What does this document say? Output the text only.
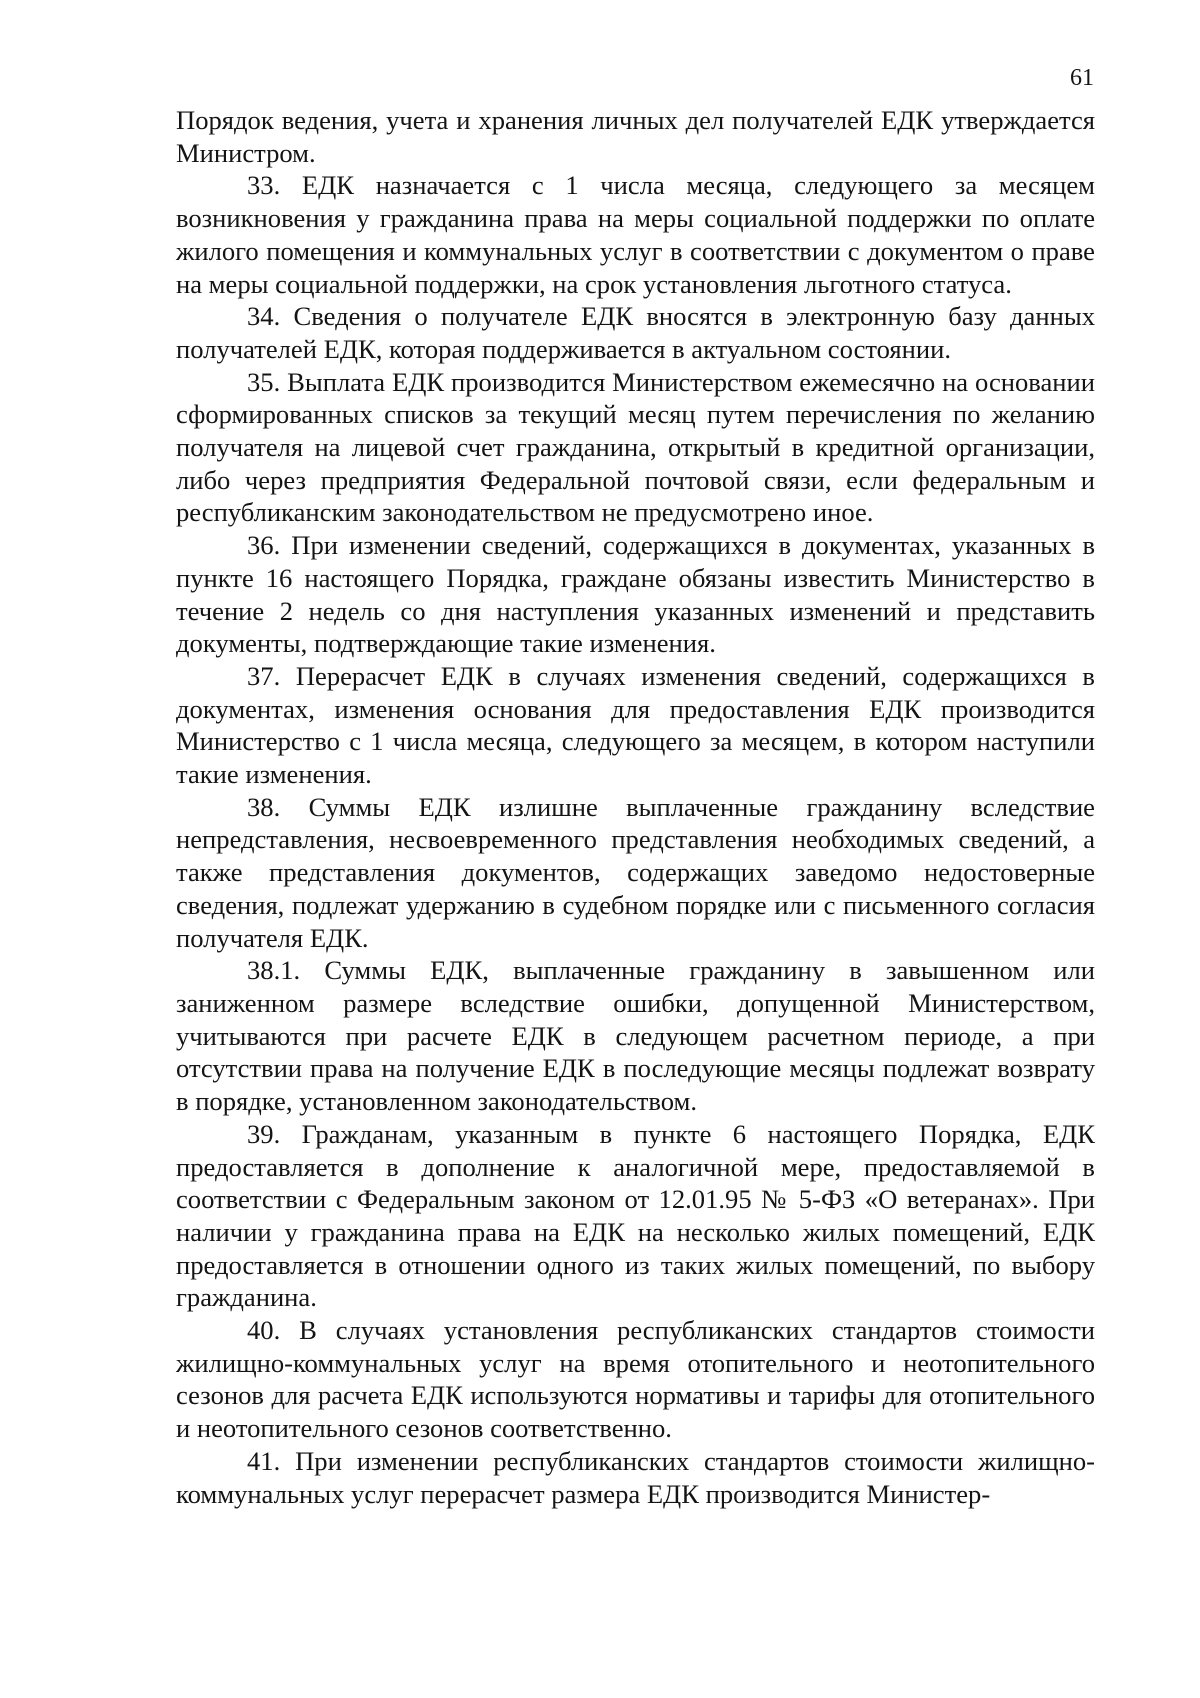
61

Порядок ведения, учета и хранения личных дел получателей ЕДК утверждается Министром.

33. ЕДК назначается с 1 числа месяца, следующего за месяцем возникновения у гражданина права на меры социальной поддержки по оплате жилого помещения и коммунальных услуг в соответствии с документом о праве на меры социальной поддержки, на срок установления льготного статуса.

34. Сведения о получателе ЕДК вносятся в электронную базу данных получателей ЕДК, которая поддерживается в актуальном состоянии.

35. Выплата ЕДК производится Министерством ежемесячно на основании сформированных списков за текущий месяц путем перечисления по желанию получателя на лицевой счет гражданина, открытый в кредитной организации, либо через предприятия Федеральной почтовой связи, если федеральным и республиканским законодательством не предусмотрено иное.

36. При изменении сведений, содержащихся в документах, указанных в пункте 16 настоящего Порядка, граждане обязаны известить Министерство в течение 2 недель со дня наступления указанных изменений и представить документы, подтверждающие такие изменения.

37. Перерасчет ЕДК в случаях изменения сведений, содержащихся в документах, изменения основания для предоставления ЕДК производится Министерство с 1 числа месяца, следующего за месяцем, в котором наступили такие изменения.

38. Суммы ЕДК излишне выплаченные гражданину вследствие непредставления, несвоевременного представления необходимых сведений, а также представления документов, содержащих заведомо недостоверные сведения, подлежат удержанию в судебном порядке или с письменного согласия получателя ЕДК.

38.1. Суммы ЕДК, выплаченные гражданину в завышенном или заниженном размере вследствие ошибки, допущенной Министерством, учитываются при расчете ЕДК в следующем расчетном периоде, а при отсутствии права на получение ЕДК в последующие месяцы подлежат возврату в порядке, установленном законодательством.

39. Гражданам, указанным в пункте 6 настоящего Порядка, ЕДК предоставляется в дополнение к аналогичной мере, предоставляемой в соответствии с Федеральным законом от 12.01.95 № 5-ФЗ «О ветеранах». При наличии у гражданина права на ЕДК на несколько жилых помещений, ЕДК предоставляется в отношении одного из таких жилых помещений, по выбору гражданина.

40. В случаях установления республиканских стандартов стоимости жилищно-коммунальных услуг на время отопительного и неотопительного сезонов для расчета ЕДК используются нормативы и тарифы для отопительного и неотопительного сезонов соответственно.

41. При изменении республиканских стандартов стоимости жилищно-коммунальных услуг перерасчет размера ЕДК производится Министер-
